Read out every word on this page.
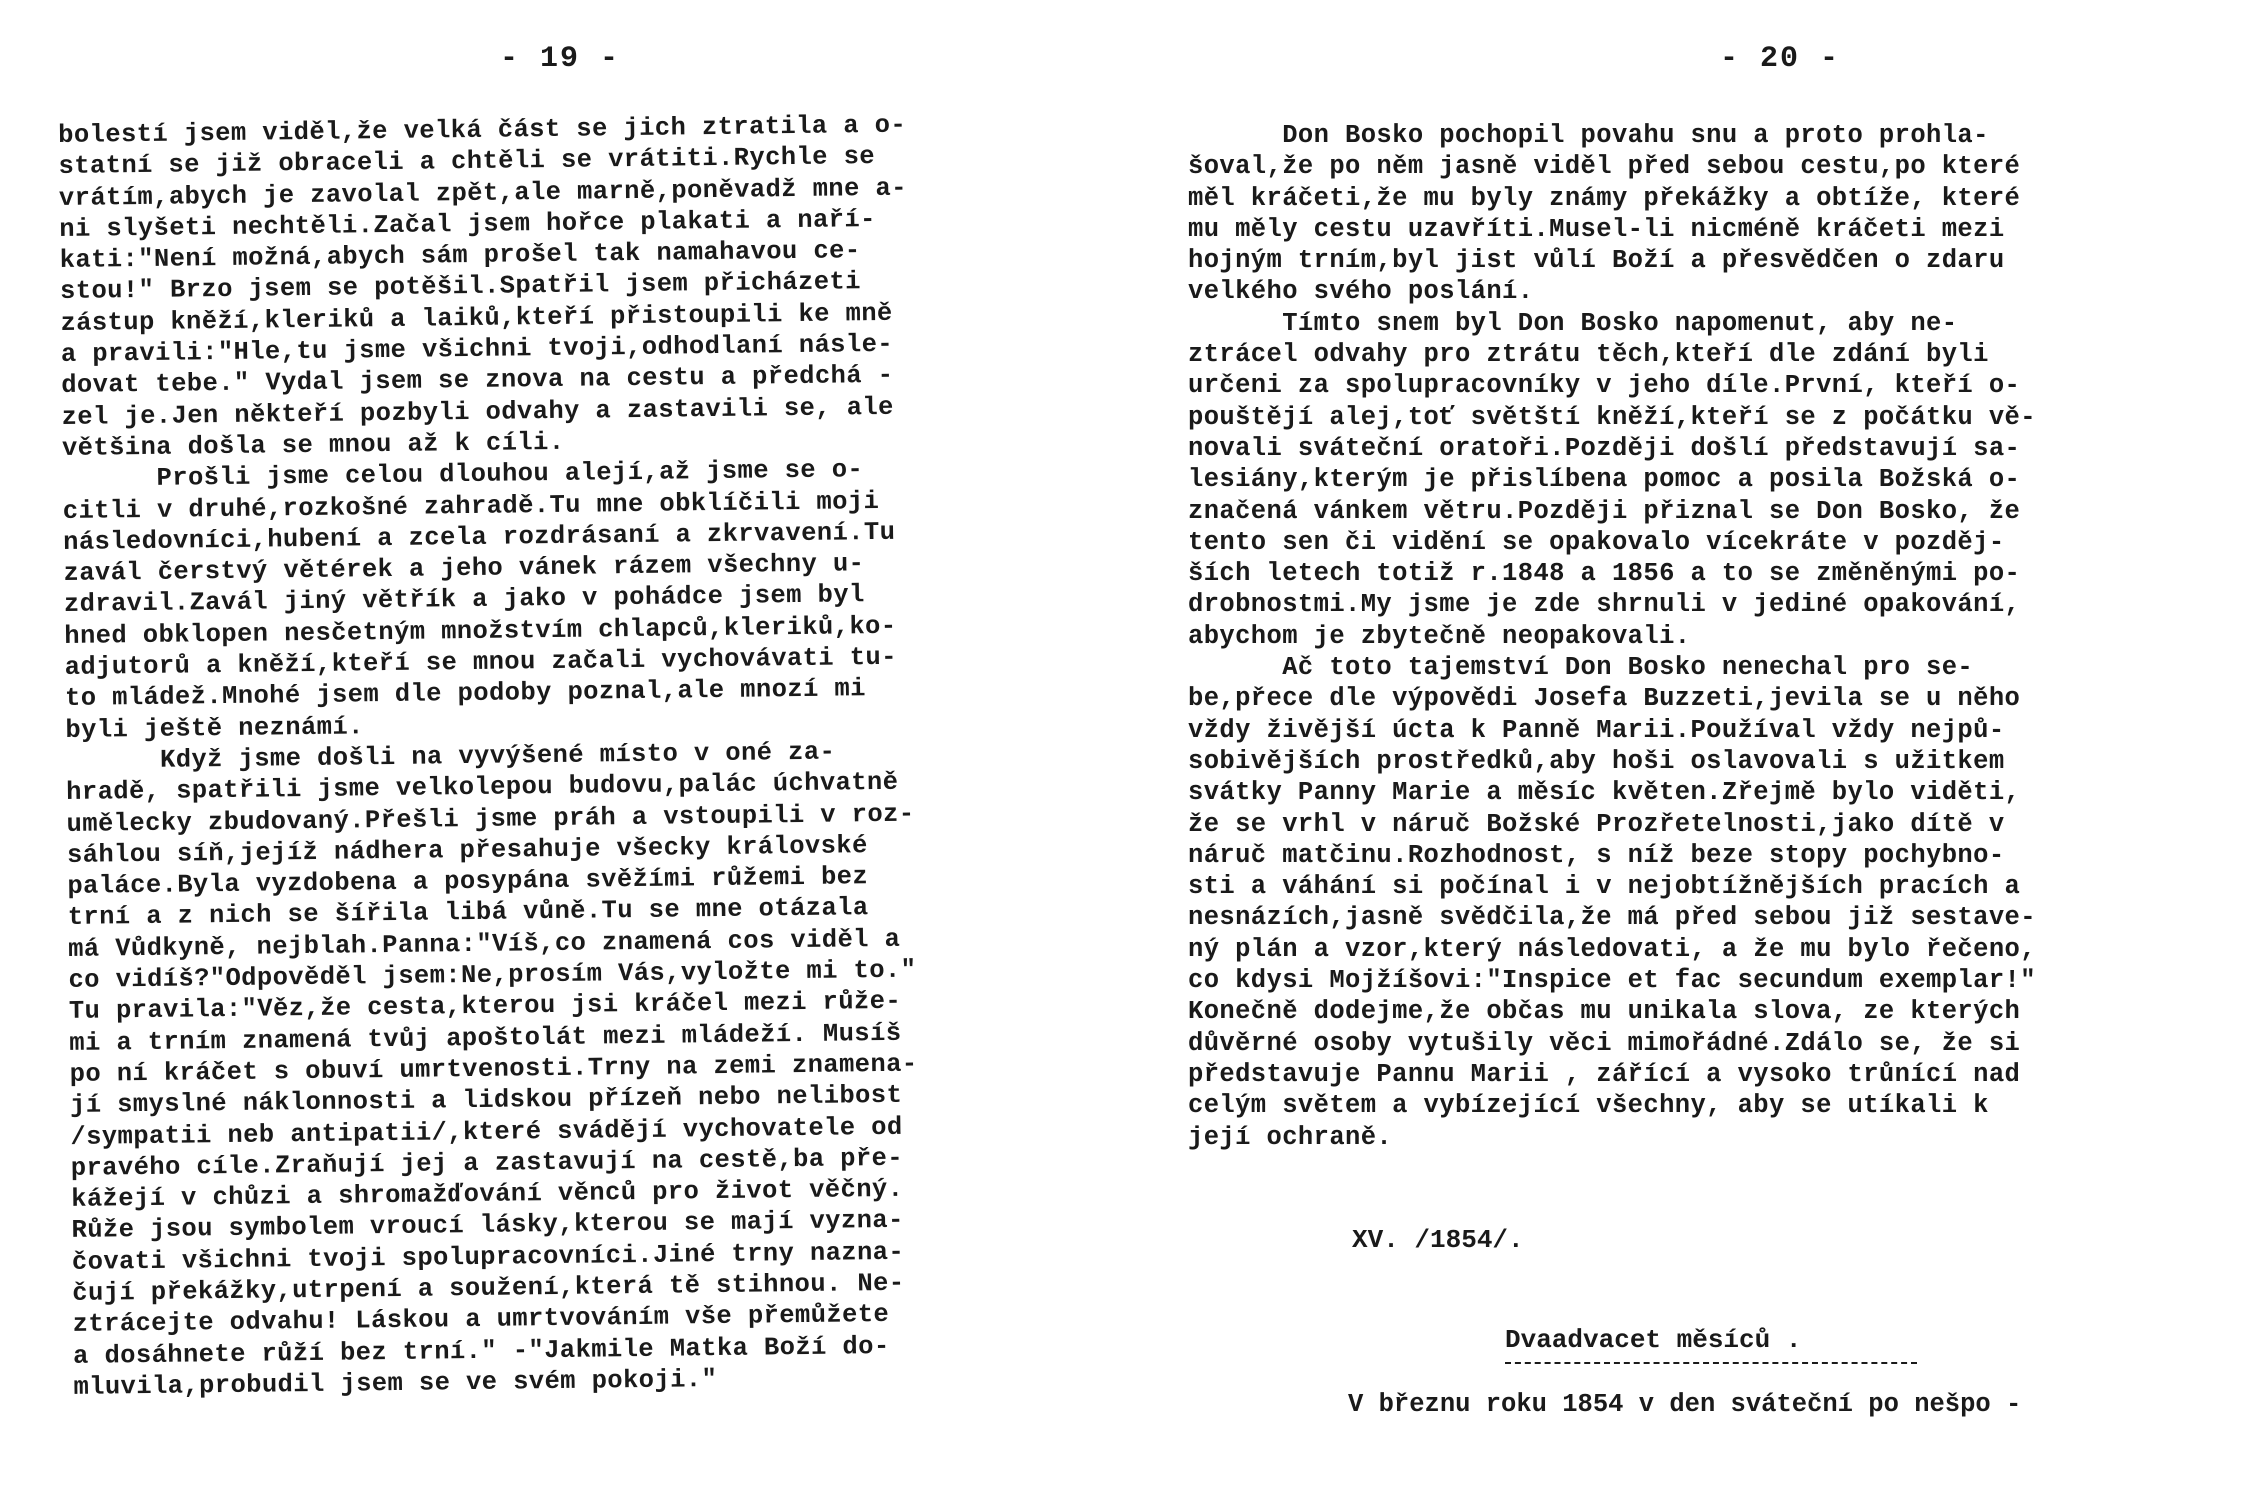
- 19 -
bolestí jsem viděl,že velká část se jich ztratila a o-
statní se již obraceli a chtěli se vrátiti.Rychle se
vrátím,abych je zavolal zpět,ale marně,poněvadž mne a-
ni slyšeti nechtěli.Začal jsem hořce plakati a naří-
kati:"Není možná,abych sám prošel tak namahavou ce-
stou!" Brzo jsem se potěšil.Spatřil jsem přicházeti
zástup kněží,kleriků a laiků,kteří přistoupili ke mně
a pravili:"Hle,tu jsme všichni tvoji,odhodlaní násle-
dovat tebe." Vydal jsem se znova na cestu a předchá -
zel je.Jen někteří pozbyli odvahy a zastavili se, ale
většina došla se mnou až k cíli.
Prošli jsme celou dlouhou alejí,až jsme se o-
citli v druhé,rozkošné zahradě.Tu mne obklíčili moji
následovníci,hubení a zcela rozdrásaní a zkrvavení.Tu
zavál čerstvý větérek a jeho vánek rázem všechny u-
zdravil.Zavál jiný větřík a jako v pohádce jsem byl
hned obklopen nesčetným množstvím chlapců,kleriků,ko-
adjutorů a kněží,kteří se mnou začali vychovávati tu-
to mládež.Mnohé jsem dle podoby poznal,ale mnozí mi
byli ještě neznámí.
Když jsme došli na vyvýšené místo v oné za-
hradě, spatřili jsme velkolepou budovu,palác úchvatně
umělecky zbudovaný.Přešli jsme práh a vstoupili v roz-
sáhlou síň,jejíž nádhera přesahuje všecky královské
paláce.Byla vyzdobena a posypána svěžími růžemi bez
trní a z nich se šířila libá vůně.Tu se mne otázala
má Vůdkyně, nejblah.Panna:"Víš,co znamená cos viděl a
co vidíš?"Odpověděl jsem:Ne,prosím Vás,vyložte mi to."
Tu pravila:"Věz,že cesta,kterou jsi kráčel mezi růže-
mi a trním znamená tvůj apoštolát mezi mládeží. Musíš
po ní kráčet s obuví umrtvenosti.Trny na zemi znamena-
jí smyslné náklonnosti a lidskou přízeň nebo nelibost
/sympatii neb antipatii/,které svádějí vychovatele od
pravého cíle.Zraňují jej a zastavují na cestě,ba pře-
kážejí v chůzi a shromažďování věnců pro život věčný.
Růže jsou symbolem vroucí lásky,kterou se mají vyzna-
čovati všichni tvoji spolupracovníci.Jiné trny nazna-
čují překážky,utrpení a soužení,která tě stihnou. Ne-
ztrácejte odvahu! Láskou a umrtvováním vše přemůžete
a dosáhnete růží bez trní." -"Jakmile Matka Boží do-
mluvila,probudil jsem se ve svém pokoji."
- 20 -
Don Bosko pochopil povahu snu a proto prohla-
šoval,že po něm jasně viděl před sebou cestu,po které
měl kráčeti,že mu byly známy překážky a obtíže, které
mu měly cestu uzavříti.Musel-li nicméně kráčeti mezi
hojným trním,byl jist vůlí Boží a přesvědčen o zdaru
velkého svého poslání.
Tímto snem byl Don Bosko napomenut, aby ne-
ztrácel odvahy pro ztrátu těch,kteří dle zdání byli
určeni za spolupracovníky v jeho díle.První, kteří o-
pouštějí alej,toť světští kněží,kteří se z počátku vě-
novali sváteční oratoři.Později došlí představují sa-
lesiány,kterým je přislíbena pomoc a posila Božská o-
značená vánkem větru.Později přiznal se Don Bosko, že
tento sen či vidění se opakovalo vícekráte v pozděj-
ších letech totiž r.1848 a 1856 a to se změněnými po-
drobnostmi.My jsme je zde shrnuli v jediné opakování,
abychom je zbytečně neopakovali.
Ač toto tajemství Don Bosko nenechal pro se-
be,přece dle výpovědi Josefa Buzzeti,jevila se u něho
vždy živější úcta k Panně Marii.Používal vždy nejpů-
sobivějších prostředků,aby hoši oslavovali s užitkem
svátky Panny Marie a měsíc květen.Zřejmě bylo viděti,
že se vrhl v náruč Božské Prozřetelnosti,jako dítě v
náruč matčinu.Rozhodnost, s níž beze stopy pochybno-
sti a váhání si počínal i v nejobtížnějších pracích a
nesnázích,jasně svědčila,že má před sebou již sestave-
ný plán a vzor,který následovati, a že mu bylo řečeno,
co kdysi Mojžíšovi:"Inspice et fac secundum exemplar!"
Konečně dodejme,že občas mu unikala slova, ze kterých
důvěrné osoby vytušily věci mimořádné.Zdálo se, že si
představuje Pannu Marii , zářící a vysoko trůnící nad
celým světem a vybízející všechny, aby se utíkali k
její ochraně.
XV. /1854/.
Dvaadvacet měsíců .
V březnu roku 1854 v den sváteční po nešpo -
